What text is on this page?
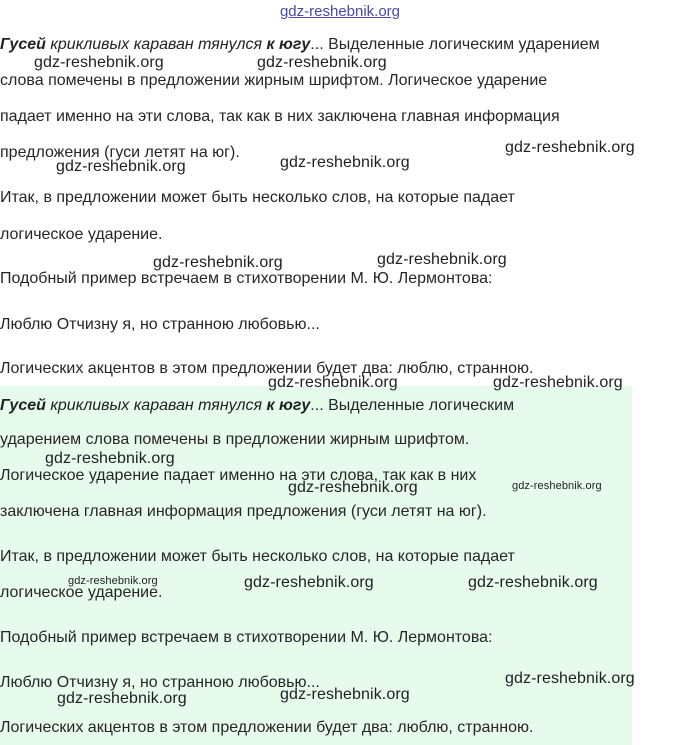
gdz-reshebnik.org
Гусей крикливых караван тянулся к югу... Выделенные логическим ударением
слова помечены в предложении жирным шрифтом. Логическое ударение
падает именно на эти слова, так как в них заключена главная информация
предложения (гуси летят на юг).
Итак, в предложении может быть несколько слов, на которые падает
логическое ударение.
Подобный пример встречаем в стихотворении М. Ю. Лермонтова:
Люблю Отчизну я, но странною любовью...
Логических акцентов в этом предложении будет два: люблю, странною.
Гусей крикливых караван тянулся к югу... Выделенные логическим
ударением слова помечены в предложении жирным шрифтом.
Логическое ударение падает именно на эти слова, так как в них
заключена главная информация предложения (гуси летят на юг).
Итак, в предложении может быть несколько слов, на которые падает
логическое ударение.
Подобный пример встречаем в стихотворении М. Ю. Лермонтова:
Люблю Отчизну я, но странною любовью...
Логических акцентов в этом предложении будет два: люблю, странною.
gdz-reshebnik.org	gdz-reshebnik.org
gdz-reshebnik.org
gdz-reshebnik.org	gdz-reshebnik.org
gdz-reshebnik.org	gdz-reshebnik.org
gdz-reshebnik.org	gdz-reshebnik.org
gdz-reshebnik.org
gdz-reshebnik.org	gdz-reshebnik.org
gdz-reshebnik.org	gdz-reshebnik.org	gdz-reshebnik.org
gdz-reshebnik.org
gdz-reshebnik.org	gdz-reshebnik.org
